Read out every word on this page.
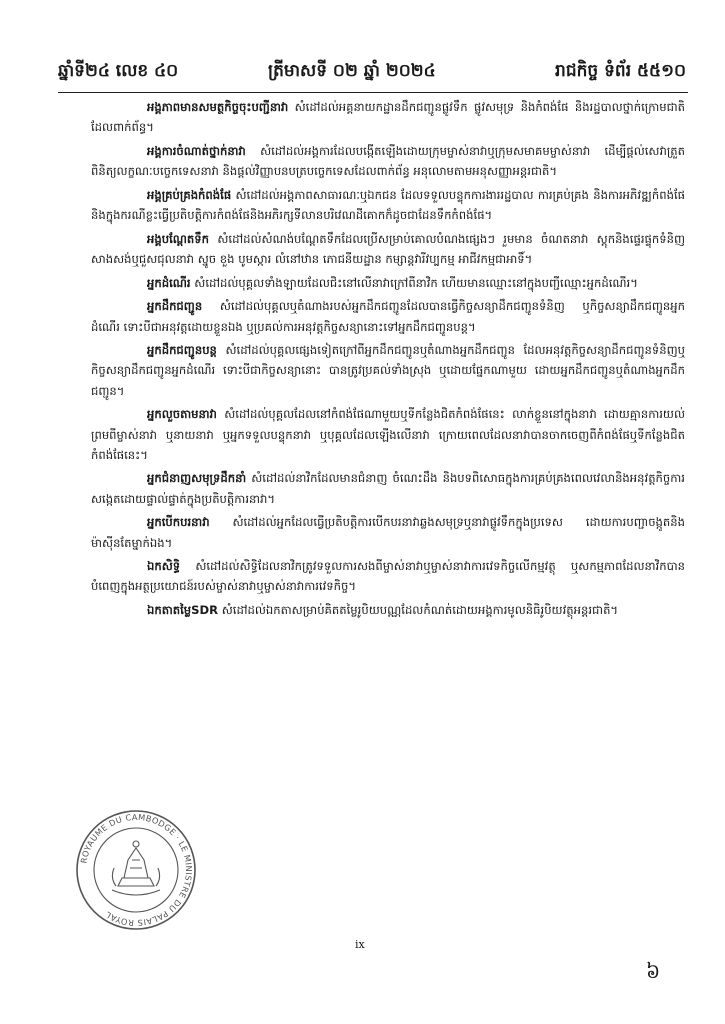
ឆ្នាំទី២៤ លេខ ៤០	ត្រីមាសទី ០២ ឆ្នាំ ២០២៤	រាជកិច្ច ទំព័រ ៥៥១០

អង្គភាពមានសមត្ថកិច្ចចុះបញ្ជីនាវា សំដៅដល់អគ្គនាយកដ្ឋានដឹកជញ្ជូនផ្លូវទឹក ផ្លូវសមុទ្រ និងកំពង់ផែ និងរដ្ឋបាលថ្នាក់ក្រោមជាតិដែលពាក់ព័ន្ធ។

អង្គការចំណាត់ថ្នាក់នាវា សំដៅដល់អង្គការដែលបង្កើតឡើងដោយក្រុមម្ចាស់នាវាឬក្រុមសមាគមម្ចាស់នាវា ដើម្បីផ្តល់សេវាត្រួតពិនិត្យលក្ខណៈបច្ចេកទេសនាវា និងផ្តល់វិញ្ញាបនបត្របច្ចេកទេសដែលពាក់ព័ន្ធ អនុលោមតាមអនុសញ្ញាអន្តរជាតិ។

អង្គគ្រប់គ្រងកំពង់ផែ សំដៅដល់អង្គភាពសាធារណៈឬឯកជន ដែលទទួលបន្ទុកការងាររដ្ឋបាល ការគ្រប់គ្រង និងការអភិវឌ្ឍកំពង់ផែ និងក្នុងករណីខ្លះធ្វើប្រតិបត្តិការកំពង់ផែនិងអភិរក្សទីលានបរិវេណដីគោកក៏ដូចជាដែនទឹកកំពង់ផែ។

អង្គបណ្តែតទឹក សំដៅដល់សំណង់បណ្តែតទឹកដែលប្រើសម្រាប់គោលបំណងផ្សេងៗ រួមមាន ចំណតនាវា ស្តុកនិងផ្ទេរផ្ទុកទំនិញ សាងសង់ឬជួសជុលនាវា ស្នូច ខួង បូមស្ការ លំនៅឋាន ភោជនីយដ្ឋាន កម្សាន្តវារីវប្បកម្ម អាជីវកម្មជាអាទិ៍។

អ្នកដំណើរ សំដៅដល់បុគ្គលទាំងឡាយដែលជិះនៅលើនាវាក្រៅពីនាវិក ហើយមានឈ្មោះនៅក្នុងបញ្ជីឈ្មោះអ្នកដំណើរ។

អ្នកដឹកជញ្ជូន សំដៅដល់បុគ្គលឬតំណាងរបស់អ្នកដឹកជញ្ជូនដែលបានធ្វើកិច្ចសន្យាដឹកជញ្ជូនទំនិញ ឬកិច្ចសន្យាដឹកជញ្ជូនអ្នកដំណើរ ទោះបីជាអនុវត្តដោយខ្លួនឯង ឬប្រគល់ការអនុវត្តកិច្ចសន្យានោះទៅអ្នកដឹកជញ្ជូនបន្ត។

អ្នកដឹកជញ្ជូនបន្ត សំដៅដល់បុគ្គលផ្សេងទៀតក្រៅពីអ្នកដឹកជញ្ជូនឬតំណាងអ្នកដឹកជញ្ជូន ដែលអនុវត្តកិច្ចសន្យាដឹកជញ្ជូនទំនិញឬកិច្ចសន្យាដឹកជញ្ជូនអ្នកដំណើរ ទោះបីជាកិច្ចសន្យានោះ បានត្រូវប្រគល់ទាំងស្រុង ឬដោយផ្នែកណាមួយ ដោយអ្នកដឹកជញ្ជូនឬតំណាងអ្នកដឹកជញ្ជូន។

អ្នកលួចតាមនាវា សំដៅដល់បុគ្គលដែលនៅកំពង់ផែណាមួយឬទីកន្លែងជិតកំពង់ផែនេះ លាក់ខ្លួននៅក្នុងនាវា ដោយគ្មានការយល់ព្រមពីម្ចាស់នាវា ឬនាយនាវា ឬអ្នកទទួលបន្ទុកនាវា ឬបុគ្គលដែលឡើងលើនាវា ក្រោយពេលដែលនាវាបានចាកចេញពីកំពង់ផែឬទីកន្លែងជិតកំពង់ផែនេះ។

អ្នកជំនាញសមុទ្រដឹកនាំ សំដៅដល់នាវិកដែលមានជំនាញ ចំណេះដឹង និងបទពិសោធក្នុងការគ្រប់គ្រងពេលវេលានិងអនុវត្តកិច្ចការសង្កេតដោយផ្ទាល់ផ្ទាត់ក្នុងប្រតិបត្តិការនាវា។

អ្នកបើកបរនាវា សំដៅដល់អ្នកដែលធ្វើប្រតិបត្តិការបើកបរនាវាឆ្លងសមុទ្រឬនាវាផ្លូវទឹកក្នុងប្រទេស ដោយការបញ្ជាចង្កូតនិងម៉ាស៊ីនតែម្នាក់ឯង។

ឯកសិទ្ធិ សំដៅដល់សិទ្ធិដែលនាវិកត្រូវទទួលការសងពីម្ចាស់នាវាឬម្ចាស់នាវាការវេទកិច្ចលើកម្មវត្ថុ ឬសកម្មភាពដែលនាវិកបានបំពេញក្នុងអត្ថប្រយោជន៍របស់ម្ចាស់នាវាឬម្ចាស់នាវាការវេទកិច្ច។

ឯកតាតម្លៃSDR សំដៅដល់ឯកតាសម្រាប់គិតតម្លៃរូបិយបណ្ណដែលកំណត់ដោយអង្គការមូលនិធិរូបិយវត្ថុអន្តរជាតិ។

ROYAUME DU CAMBODGE · LE MINISTRE DU PALAIS ROYAL
ix
៦
